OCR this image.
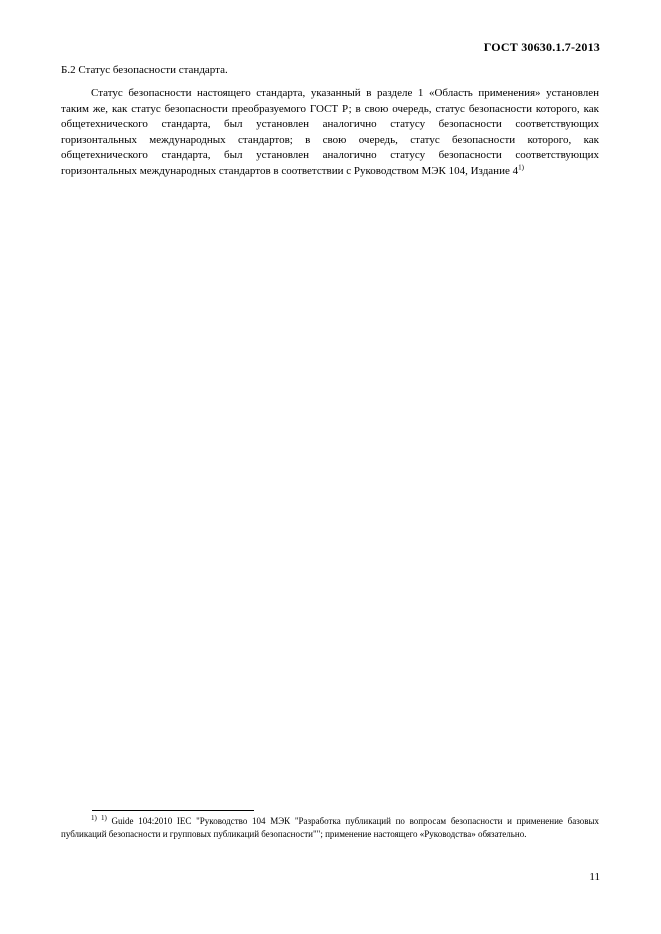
ГОСТ 30630.1.7-2013
Б.2 Статус безопасности стандарта.

Статус безопасности настоящего стандарта, указанный в разделе 1 «Область применения» установлен таким же, как статус безопасности преобразуемого ГОСТ Р; в свою очередь, статус безопасности которого, как общетехнического стандарта, был установлен аналогично статусу безопасности соответствующих горизонтальных международных стандартов; в свою очередь, статус безопасности которого, как общетехнического стандарта, был установлен аналогично статусу безопасности соответствующих горизонтальных международных стандартов в соответствии с Руководством МЭК 104, Издание 4$^{1)}$

$^{1) 1)}$ Guide 104:2010 IEC "Руководство 104 МЭК "Разработка публикаций по вопросам безопасности и применение базовых публикаций безопасности и групповых публикаций безопасности""; применение настоящего «Руководства» обязательно.

11
